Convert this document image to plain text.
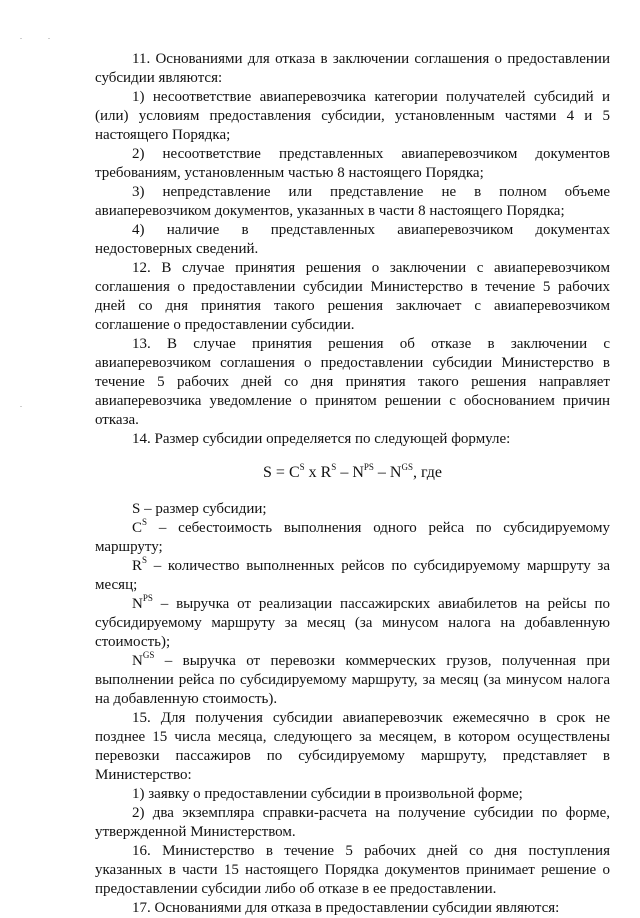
11. Основаниями для отказа в заключении соглашения о предоставлении субсидии являются:

1) несоответствие авиаперевозчика категории получателей субсидий и (или) условиям предоставления субсидии, установленным частями 4 и 5 настоящего Порядка;

2) несоответствие представленных авиаперевозчиком документов требованиям, установленным частью 8 настоящего Порядка;

3) непредставление или представление не в полном объеме авиаперевозчиком документов, указанных в части 8 настоящего Порядка;

4) наличие в представленных авиаперевозчиком документах недостоверных сведений.

12. В случае принятия решения о заключении с авиаперевозчиком соглашения о предоставлении субсидии Министерство в течение 5 рабочих дней со дня принятия такого решения заключает с авиаперевозчиком соглашение о предоставлении субсидии.

13. В случае принятия решения об отказе в заключении с авиаперевозчиком соглашения о предоставлении субсидии Министерство в течение 5 рабочих дней со дня принятия такого решения направляет авиаперевозчика уведомление о принятом решении с обоснованием причин отказа.

14. Размер субсидии определяется по следующей формуле:

$S = C^S$ x $R^S - N^{PS} - N^{GS}$, где

S – размер субсидии;

$C^S$ – себестоимость выполнения одного рейса по субсидируемому маршруту;

$R^S$ – количество выполненных рейсов по субсидируемому маршруту за месяц;

$N^{PS}$ – выручка от реализации пассажирских авиабилетов на рейсы по субсидируемому маршруту за месяц (за минусом налога на добавленную стоимость);

$N^{GS}$ – выручка от перевозки коммерческих грузов, полученная при выполнении рейса по субсидируемому маршруту, за месяц (за минусом налога на добавленную стоимость).

15. Для получения субсидии авиаперевозчик ежемесячно в срок не позднее 15 числа месяца, следующего за месяцем, в котором осуществлены перевозки пассажиров по субсидируемому маршруту, представляет в Министерство:

1) заявку о предоставлении субсидии в произвольной форме;

2) два экземпляра справки-расчета на получение субсидии по форме, утвержденной Министерством.

16. Министерство в течение 5 рабочих дней со дня поступления указанных в части 15 настоящего Порядка документов принимает решение о предоставлении субсидии либо об отказе в ее предоставлении.

17. Основаниями для отказа в предоставлении субсидии являются:
